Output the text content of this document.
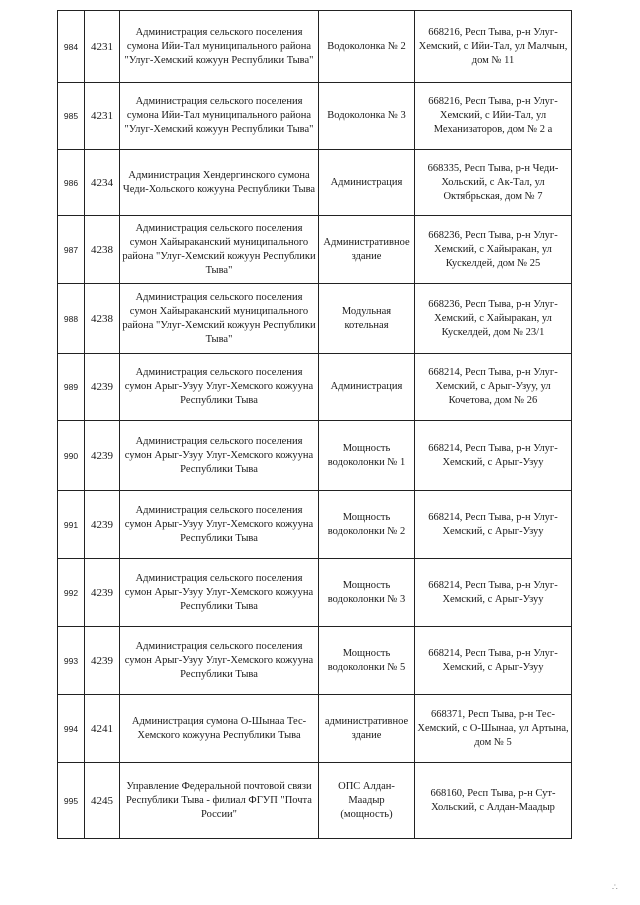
984	4231	Администрация сельского поселения сумона Ийи-Тал муниципального района "Улуг-Хемский кожуун Республики Тыва"	Водоколонка № 2	668216, Респ Тыва, р-н Улуг-Хемский, с Ийи-Тал, ул Малчын, дом № 11
985	4231	Администрация сельского поселения сумона Ийи-Тал муниципального района "Улуг-Хемский кожуун Республики Тыва"	Водоколонка № 3	668216, Респ Тыва, р-н Улуг-Хемский, с Ийи-Тал, ул Механизаторов, дом № 2 а
986	4234	Администрация Хендергинского сумона Чеди-Хольского кожууна Республики Тыва	Администрация	668335, Респ Тыва, р-н Чеди-Хольский, с Ак-Тал, ул Октябрьская, дом № 7
987	4238	Администрация сельского поселения сумон Хайыраканский муниципального района "Улуг-Хемский кожуун Республики Тыва"	Административное здание	668236, Респ Тыва, р-н Улуг-Хемский, с Хайыракан, ул Кускелдей, дом № 25
988	4238	Администрация сельского поселения сумон Хайыраканский муниципального района "Улуг-Хемский кожуун Республики Тыва"	Модульная котельная	668236, Респ Тыва, р-н Улуг-Хемский, с Хайыракан, ул Кускелдей, дом № 23/1
989	4239	Администрация сельского поселения сумон Арыг-Узуу Улуг-Хемского кожууна Республики Тыва	Администрация	668214, Респ Тыва, р-н Улуг-Хемский, с Арыг-Узуу, ул Кочетова, дом № 26
990	4239	Администрация сельского поселения сумон Арыг-Узуу Улуг-Хемского кожууна Республики Тыва	Мощность водоколонки № 1	668214, Респ Тыва, р-н Улуг-Хемский, с Арыг-Узуу
991	4239	Администрация сельского поселения сумон Арыг-Узуу Улуг-Хемского кожууна Республики Тыва	Мощность водоколонки № 2	668214, Респ Тыва, р-н Улуг-Хемский, с Арыг-Узуу
992	4239	Администрация сельского поселения сумон Арыг-Узуу Улуг-Хемского кожууна Республики Тыва	Мощность водоколонки № 3	668214, Респ Тыва, р-н Улуг-Хемский, с Арыг-Узуу
993	4239	Администрация сельского поселения сумон Арыг-Узуу Улуг-Хемского кожууна Республики Тыва	Мощность водоколонки № 5	668214, Респ Тыва, р-н Улуг-Хемский, с Арыг-Узуу
994	4241	Администрация сумона О-Шынаа Тес-Хемского кожууна Республики Тыва	административное здание	668371, Респ Тыва, р-н Тес-Хемский, с О-Шынаа, ул Артына, дом № 5
995	4245	Управление Федеральной почтовой связи Республики Тыва - филиал ФГУП "Почта России"	ОПС Алдан-Маадыр (мощность)	668160, Респ Тыва, р-н Сут-Хольский, с Алдан-Маадыр
∴
